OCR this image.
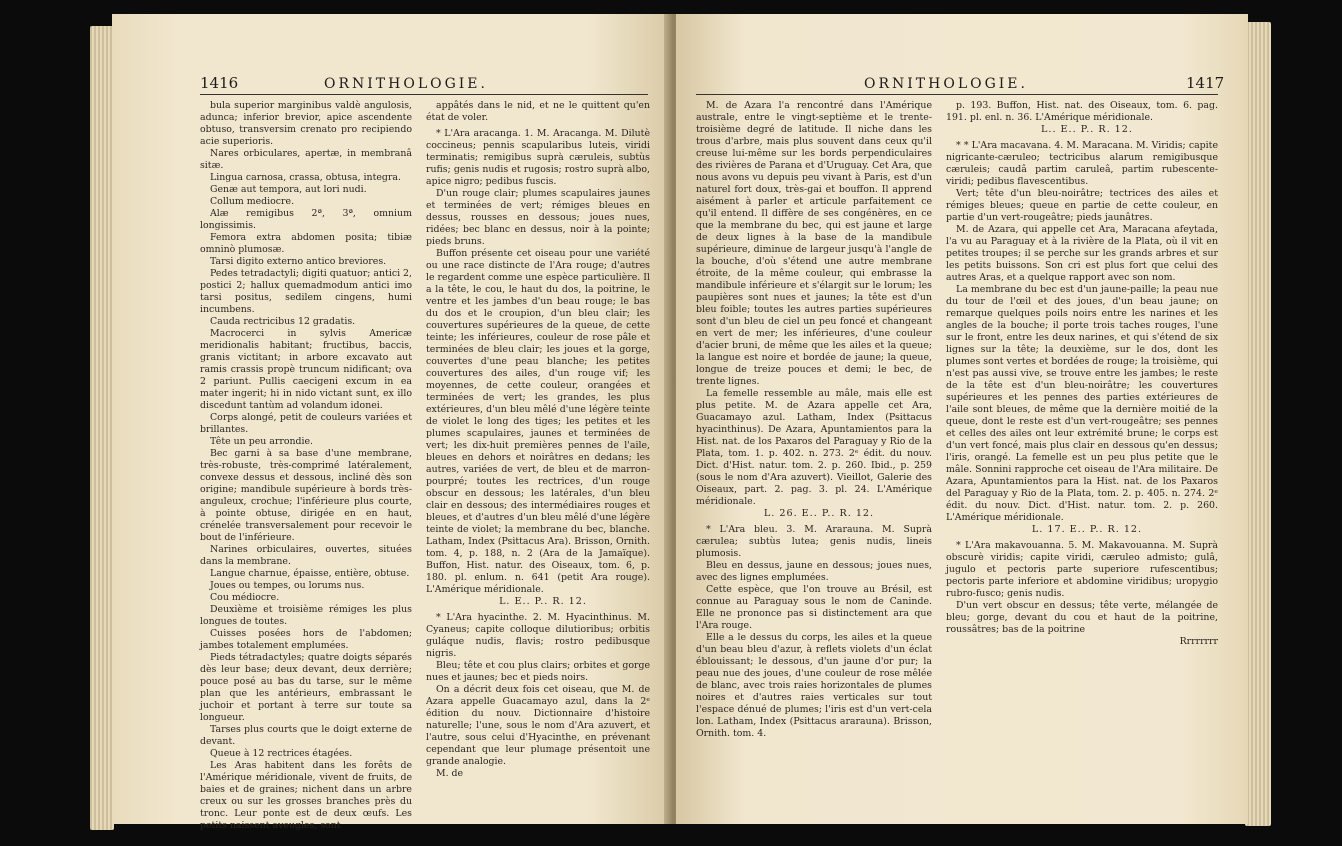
1416	ORNITHOLOGIE.

bula superior marginibus valdè angulosis, adunca; inferior brevior, apice ascendente obtuso, transversim crenato pro recipiendo acie superioris.

Nares orbiculares, apertæ, in membranâ sitæ.

Lingua carnosa, crassa, obtusa, integra.

Genæ aut tempora, aut lori nudi.

Collum mediocre.

Alæ remigibus 2ª, 3ª, omnium longissimis.

Femora extra abdomen posita; tibiæ omninò plumosæ.

Tarsi digito externo antico breviores.

Pedes tetradactyli; digiti quatuor; antici 2, postici 2; hallux quemadmodum antici imo tarsi positus, sedilem cingens, humi incumbens.

Cauda rectricibus 12 gradatis.

Macrocerci in sylvis Americæ meridionalis habitant; fructibus, baccis, granis victitant; in arbore excavato aut ramis crassis propè truncum nidificant; ova 2 pariunt. Pullis caecigeni excum in ea mater ingerit; hi in nido victant sunt, ex illo discedunt tantùm ad volandum idonei.

Corps alongé, petit de couleurs variées et brillantes.

Tête un peu arrondie.

Bec garni à sa base d'une membrane, très-robuste, très-comprimé latéralement, convexe dessus et dessous, incliné dès son origine; mandibule supérieure à bords très-anguleux, crochue; l'inférieure plus courte, à pointe obtuse, dirigée en en haut, crénelée transversalement pour recevoir le bout de l'inférieure.

Narines orbiculaires, ouvertes, situées dans la membrane.

Langue charnue, épaisse, entière, obtuse.

Joues ou tempes, ou lorums nus.

Cou médiocre.

Deuxième et troisième rémiges les plus longues de toutes.

Cuisses posées hors de l'abdomen; jambes totalement emplumées.

Pieds tétradactyles; quatre doigts séparés dès leur base; deux devant, deux derrière; pouce posé au bas du tarse, sur le même plan que les antérieurs, embrassant le juchoir et portant à terre sur toute sa longueur.

Tarses plus courts que le doigt externe de devant.

Queue à 12 rectrices étagées.

Les Aras habitent dans les forêts de l'Amérique méridionale, vivent de fruits, de baies et de graines; nichent dans un arbre creux ou sur les grosses branches près du tronc. Leur ponte est de deux œufs. Les petits naissent aveugles, sont

appâtés dans le nid, et ne le quittent qu'en état de voler.

* L'Ara aracanga. 1. M. Aracanga. M. Dilutè coccineus; pennis scapularibus luteis, viridi terminatis; remigibus suprà cæruleis, subtùs rufis; genis nudis et rugosis; rostro suprà albo, apice nigro; pedibus fuscis.

D'un rouge clair; plumes scapulaires jaunes et terminées de vert; rémiges bleues en dessus, rousses en dessous; joues nues, ridées; bec blanc en dessus, noir à la pointe; pieds bruns.

Buffon présente cet oiseau pour une variété ou une race distincte de l'Ara rouge; d'autres le regardent comme une espèce particulière. Il a la tête, le cou, le haut du dos, la poitrine, le ventre et les jambes d'un beau rouge; le bas du dos et le croupion, d'un bleu clair; les couvertures supérieures de la queue, de cette teinte; les inférieures, couleur de rose pâle et terminées de bleu clair; les joues et la gorge, couvertes d'une peau blanche; les petites couvertures des ailes, d'un rouge vif; les moyennes, de cette couleur, orangées et terminées de vert; les grandes, les plus extérieures, d'un bleu mêlé d'une légère teinte de violet le long des tiges; les petites et les plumes scapulaires, jaunes et terminées de vert; les dix-huit premières pennes de l'aile, bleues en dehors et noirâtres en dedans; les autres, variées de vert, de bleu et de marron-pourpré; toutes les rectrices, d'un rouge obscur en dessous; les latérales, d'un bleu clair en dessous; des intermédiaires rouges et bleues, et d'autres d'un bleu mêlé d'une légère teinte de violet; la membrane du bec, blanche. Latham, Index (Psittacus Ara). Brisson, Ornith. tom. 4, p. 188, n. 2 (Ara de la Jamaïque). Buffon, Hist. natur. des Oiseaux, tom. 6, p. 180. pl. enlum. n. 641 (petit Ara rouge). L'Amérique méridionale.

L. E.. P.. R. 12.

* L'Ara hyacinthe. 2. M. Hyacinthinus. M. Cyaneus; capite colloque dilutioribus; orbitis guláque nudis, flavis; rostro pedibusque nigris.

Bleu; tête et cou plus clairs; orbites et gorge nues et jaunes; bec et pieds noirs.

On a décrit deux fois cet oiseau, que M. de Azara appelle Guacamayo azul, dans la 2ᵉ édition du nouv. Dictionnaire d'histoire naturelle; l'une, sous le nom d'Ara azuvert, et l'autre, sous celui d'Hyacinthe, en prévenant cependant que leur plumage présentoit une grande analogie.

M. de

ORNITHOLOGIE.	1417

M. de Azara l'a rencontré dans l'Amérique australe, entre le vingt-septième et le trente-troisième degré de latitude. Il niche dans les trous d'arbre, mais plus souvent dans ceux qu'il creuse lui-même sur les bords perpendiculaires des rivières de Parana et d'Uruguay. Cet Ara, que nous avons vu depuis peu vivant à Paris, est d'un naturel fort doux, très-gai et bouffon. Il apprend aisément à parler et articule parfaitement ce qu'il entend. Il diffère de ses congénères, en ce que la membrane du bec, qui est jaune et large de deux lignes à la base de la mandibule supérieure, diminue de largeur jusqu'à l'angle de la bouche, d'où s'étend une autre membrane étroite, de la même couleur, qui embrasse la mandibule inférieure et s'élargit sur le lorum; les paupières sont nues et jaunes; la tête est d'un bleu foible; toutes les autres parties supérieures sont d'un bleu de ciel un peu foncé et changeant en vert de mer; les inférieures, d'une couleur d'acier bruni, de même que les ailes et la queue; la langue est noire et bordée de jaune; la queue, longue de treize pouces et demi; le bec, de trente lignes.

La femelle ressemble au mâle, mais elle est plus petite. M. de Azara appelle cet Ara, Guacamayo azul. Latham, Index (Psittacus hyacinthinus). De Azara, Apuntamientos para la Hist. nat. de los Paxaros del Paraguay y Rio de la Plata, tom. 1. p. 402. n. 273. 2ᵉ édit. du nouv. Dict. d'Hist. natur. tom. 2. p. 260. Ibid., p. 259 (sous le nom d'Ara azuvert). Vieillot, Galerie des Oiseaux, part. 2. pag. 3. pl. 24. L'Amérique méridionale.

L. 26. E.. P.. R. 12.

* L'Ara bleu. 3. M. Ararauna. M. Suprà cærulea; subtùs lutea; genis nudis, lineis plumosis.

Bleu en dessus, jaune en dessous; joues nues, avec des lignes emplumées.

Cette espèce, que l'on trouve au Brésil, est connue au Paraguay sous le nom de Caninde. Elle ne prononce pas si distinctement ara que l'Ara rouge.

Elle a le dessus du corps, les ailes et la queue d'un beau bleu d'azur, à reflets violets d'un éclat éblouissant; le dessous, d'un jaune d'or pur; la peau nue des joues, d'une couleur de rose mêlée de blanc, avec trois raies horizontales de plumes noires et d'autres raies verticales sur tout l'espace dénué de plumes; l'iris est d'un vert-cela lon. Latham, Index (Psittacus ararauna). Brisson, Ornith. tom. 4.

p. 193. Buffon, Hist. nat. des Oiseaux, tom. 6. pag. 191. pl. enl. n. 36. L'Amérique méridionale.

L.. E.. P.. R. 12.

* * L'Ara macavana. 4. M. Maracana. M. Viridis; capite nigricante-cæruleo; tectricibus alarum remigibusque cæruleis; caudâ partim caruleâ, partim rubescente-viridi; pedibus flavescentibus.

Vert; tête d'un bleu-noirâtre; tectrices des ailes et rémiges bleues; queue en partie de cette couleur, en partie d'un vert-rougeâtre; pieds jaunâtres.

M. de Azara, qui appelle cet Ara, Maracana afeytada, l'a vu au Paraguay et à la rivière de la Plata, où il vit en petites troupes; il se perche sur les grands arbres et sur les petits buissons. Son cri est plus fort que celui des autres Aras, et a quelque rapport avec son nom.

La membrane du bec est d'un jaune-paille; la peau nue du tour de l'œil et des joues, d'un beau jaune; on remarque quelques poils noirs entre les narines et les angles de la bouche; il porte trois taches rouges, l'une sur le front, entre les deux narines, et qui s'étend de six lignes sur la tête; la deuxième, sur le dos, dont les plumes sont vertes et bordées de rouge; la troisième, qui n'est pas aussi vive, se trouve entre les jambes; le reste de la tête est d'un bleu-noirâtre; les couvertures supérieures et les pennes des parties extérieures de l'aile sont bleues, de même que la dernière moitié de la queue, dont le reste est d'un vert-rougeâtre; ses pennes et celles des ailes ont leur extrémité brune; le corps est d'un vert foncé, mais plus clair en dessous qu'en dessus; l'iris, orangé. La femelle est un peu plus petite que le mâle. Sonnini rapproche cet oiseau de l'Ara militaire. De Azara, Apuntamientos para la Hist. nat. de los Paxaros del Paraguay y Rio de la Plata, tom. 2. p. 405. n. 274. 2ᵉ édit. du nouv. Dict. d'Hist. natur. tom. 2. p. 260. L'Amérique méridionale.

L. 17. E.. P.. R. 12.

* L'Ara makavouanna. 5. M. Makavouanna. M. Suprà obscurè viridis; capite viridi, cæruleo admisto; gulâ, jugulo et pectoris parte superiore rufescentibus; pectoris parte inferiore et abdomine viridibus; uropygio rubro-fusco; genis nudis.

D'un vert obscur en dessus; tête verte, mélangée de bleu; gorge, devant du cou et haut de la poitrine, roussâtres; bas de la poitrine

Rrrrrrrr
